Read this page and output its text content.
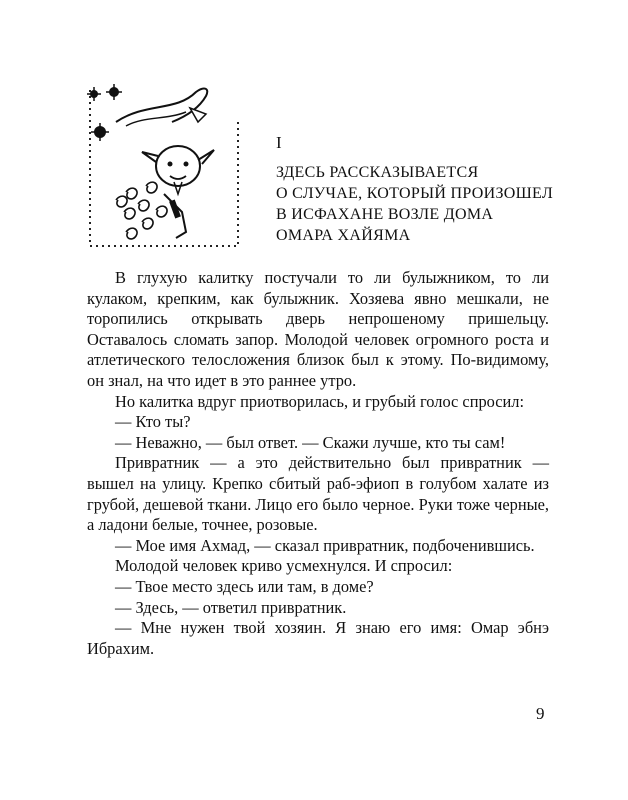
I
ЗДЕСЬ РАССКАЗЫВАЕТСЯ
О СЛУЧАЕ, КОТОРЫЙ ПРОИЗОШЕЛ
В ИСФАХАНЕ ВОЗЛЕ ДОМА
ОМАРА ХАЙЯМА

В глухую калитку постучали то ли булыжником, то ли кулаком, крепким, как булыжник. Хозяева явно мешкали, не торопились открывать дверь непрошеному пришельцу. Оставалось сломать запор. Молодой человек огромного роста и атлетического телосложения близок был к этому. По-видимому, он знал, на что идет в это раннее утро.

Но калитка вдруг приотворилась, и грубый голос спросил:

— Кто ты?

— Неважно, — был ответ. — Скажи лучше, кто ты сам!

Привратник — а это действительно был привратник — вышел на улицу. Крепко сбитый раб-эфиоп в голубом халате из грубой, дешевой ткани. Лицо его было черное. Руки тоже черные, а ладони белые, точнее, розовые.

— Мое имя Ахмад, — сказал привратник, подбоченившись.

Молодой человек криво усмехнулся. И спросил:

— Твое место здесь или там, в доме?

— Здесь, — ответил привратник.

— Мне нужен твой хозяин. Я знаю его имя: Омар эбнэ Ибрахим.

9
